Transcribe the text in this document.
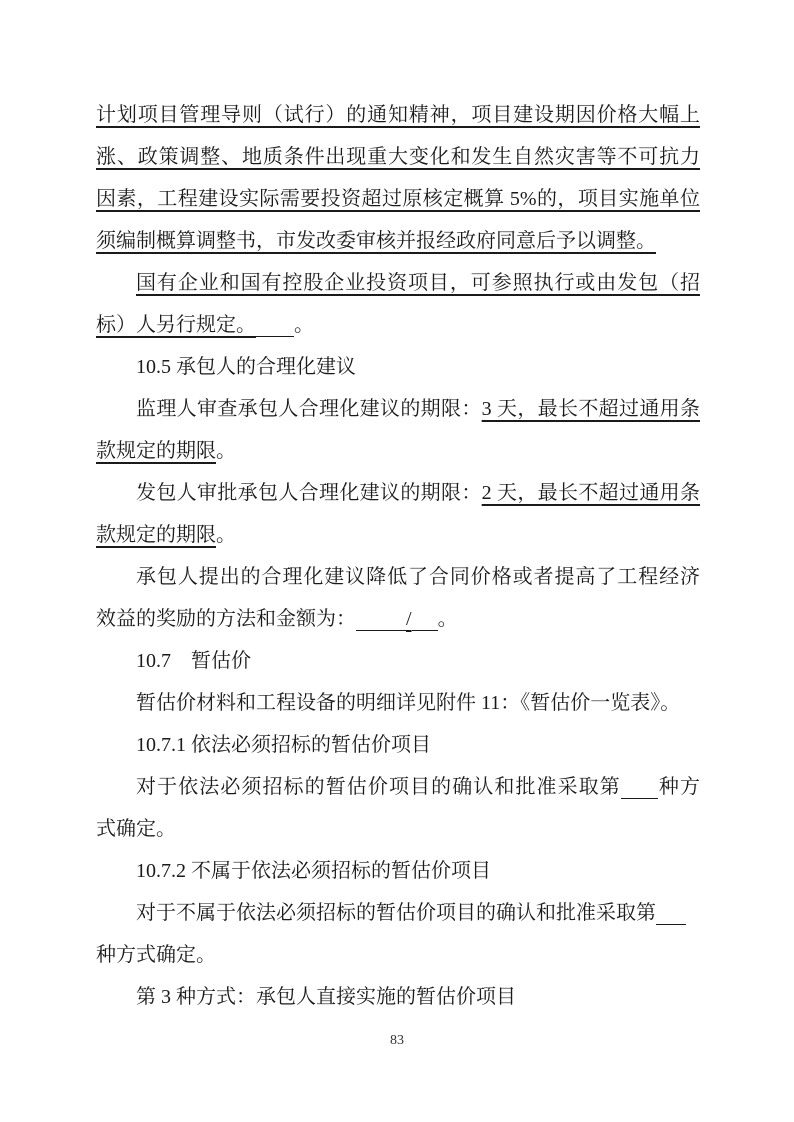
计划项目管理导则（试行）的通知精神，项目建设期因价格大幅上
涨、政策调整、地质条件出现重大变化和发生自然灾害等不可抗力
因素，工程建设实际需要投资超过原核定概算 5%的，项目实施单位
须编制概算调整书，市发改委审核并报经政府同意后予以调整。
国有企业和国有控股企业投资项目，可参照执行或由发包（招
标）人另行规定。 。
10.5 承包人的合理化建议
监理人审查承包人合理化建议的期限：3 天，最长不超过通用条
款规定的期限。
发包人审批承包人合理化建议的期限：2 天，最长不超过通用条
款规定的期限。
承包人提出的合理化建议降低了合同价格或者提高了工程经济
效益的奖励的方法和金额为：	/ 。
10.7　暂估价
暂估价材料和工程设备的明细详见附件 11：《暂估价一览表》。
10.7.1 依法必须招标的暂估价项目
对于依法必须招标的暂估价项目的确认和批准采取第 种方
式确定。
10.7.2 不属于依法必须招标的暂估价项目
对于不属于依法必须招标的暂估价项目的确认和批准采取第
种方式确定。
第 3 种方式：承包人直接实施的暂估价项目
83
